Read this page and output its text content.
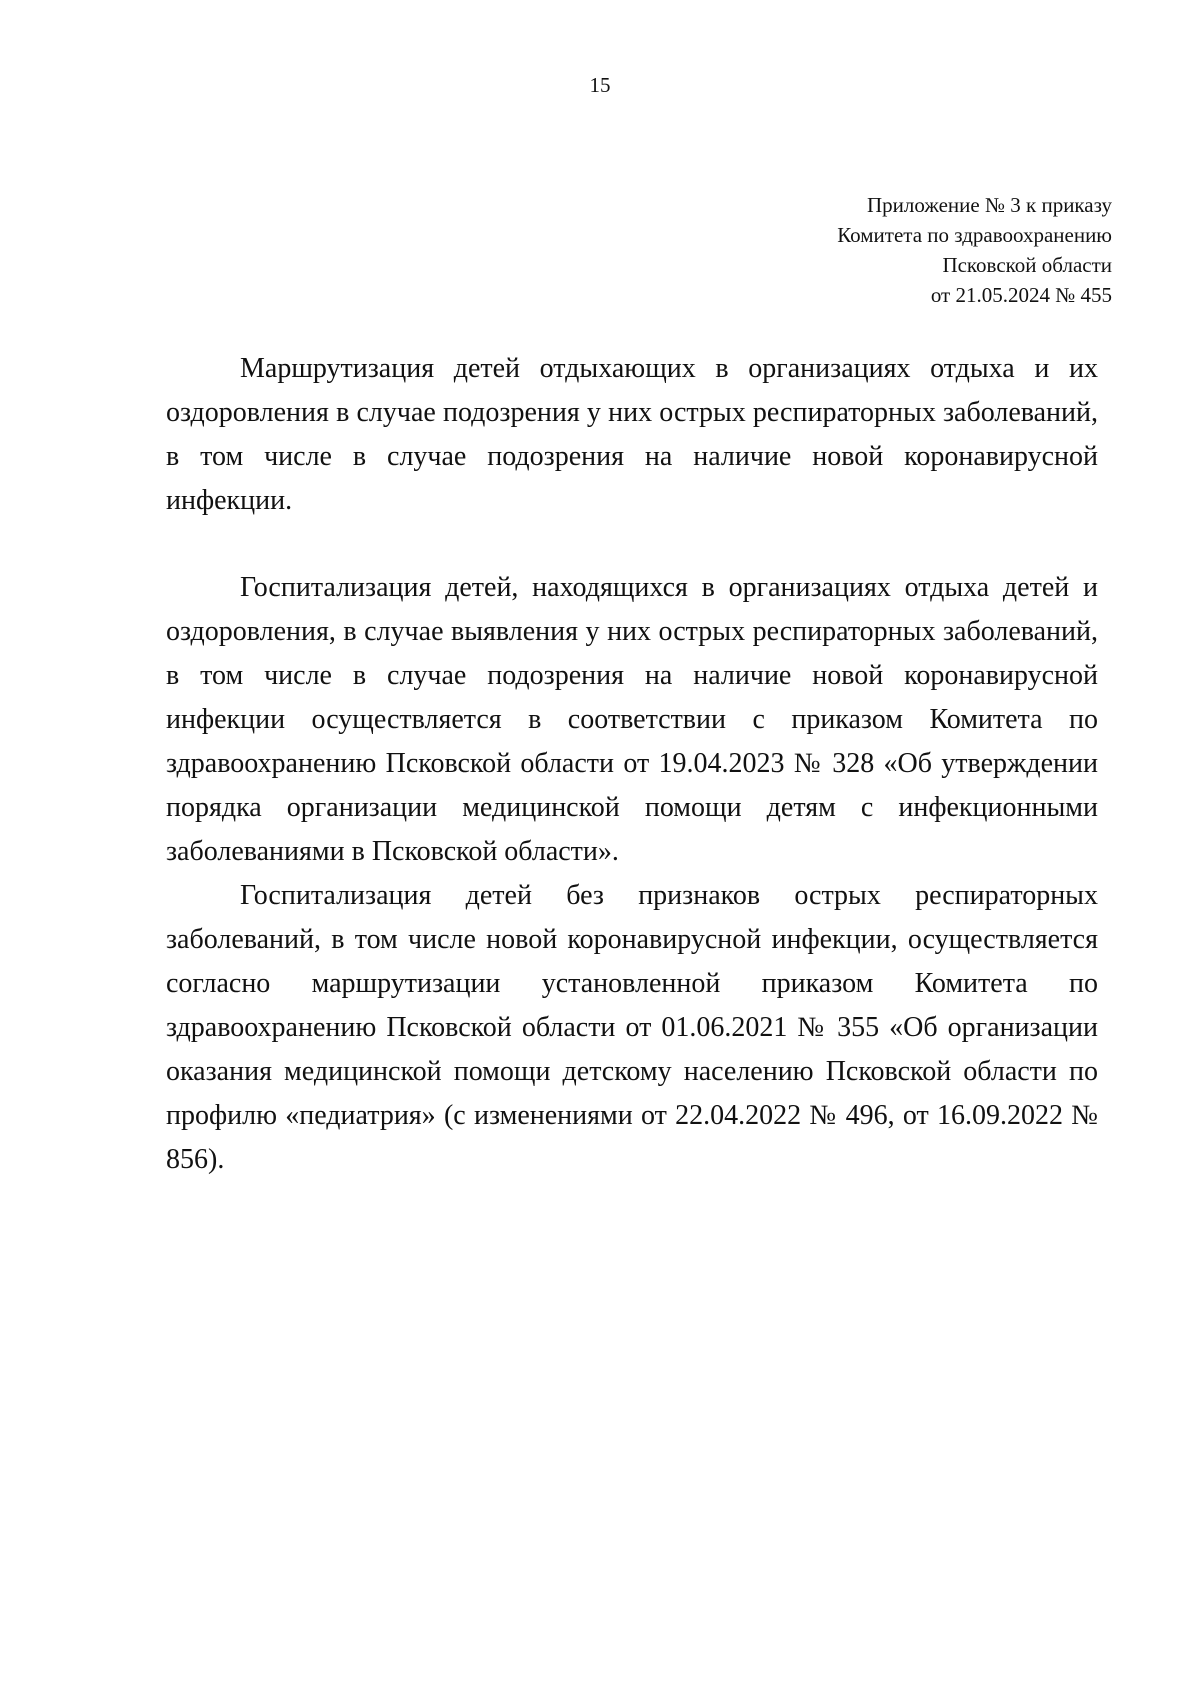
15
Приложение № 3 к приказу
Комитета по здравоохранению
Псковской области
от 21.05.2024 № 455

Маршрутизация детей отдыхающих в организациях отдыха и их оздоровления в случае подозрения у них острых респираторных заболеваний, в том числе в случае подозрения на наличие новой коронавирусной инфекции.

Госпитализация детей, находящихся в организациях отдыха детей и оздоровления, в случае выявления у них острых респираторных заболеваний, в том числе в случае подозрения на наличие новой коронавирусной инфекции осуществляется в соответствии с приказом Комитета по здравоохранению Псковской области от 19.04.2023 № 328 «Об утверждении порядка организации медицинской помощи детям с инфекционными заболеваниями в Псковской области».

Госпитализация детей без признаков острых респираторных заболеваний, в том числе новой коронавирусной инфекции, осуществляется согласно маршрутизации установленной приказом Комитета по здравоохранению Псковской области от 01.06.2021 № 355 «Об организации оказания медицинской помощи детскому населению Псковской области по профилю «педиатрия» (с изменениями от 22.04.2022 № 496, от 16.09.2022 № 856).
